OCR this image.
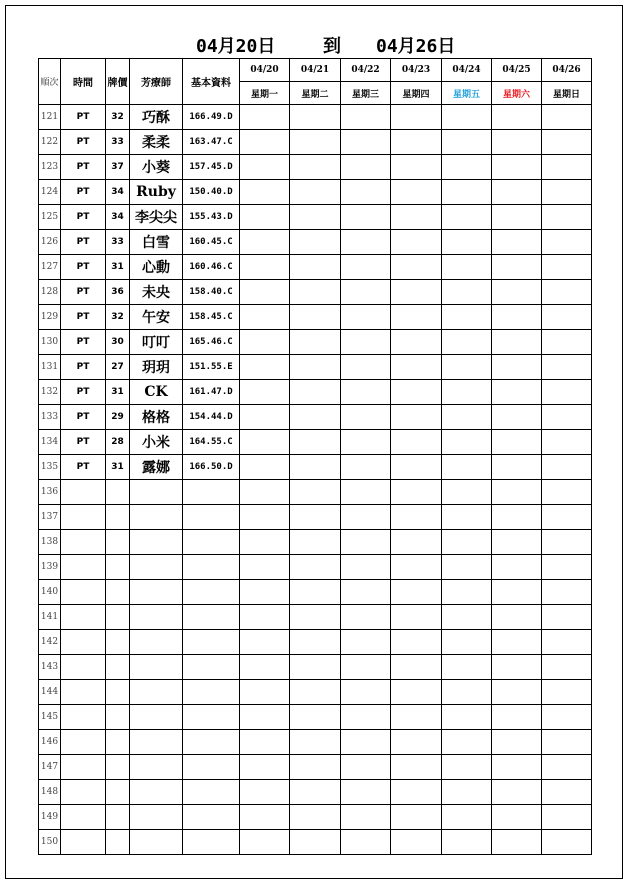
04月20日	到 04月26日
順次	時間	牌價	芳療師	基本資料	04/20	04/21	04/22	04/23	04/24	04/25	04/26
					星期一	星期二	星期三	星期四	星期五	星期六	星期日
121	PT	32	巧酥	166.49.D							
122	PT	33	柔柔	163.47.C							
123	PT	37	小葵	157.45.D							
124	PT	34	Ruby	150.40.D							
125	PT	34	李尖尖	155.43.D							
126	PT	33	白雪	160.45.C							
127	PT	31	心動	160.46.C							
128	PT	36	未央	158.40.C							
129	PT	32	午安	158.45.C							
130	PT	30	叮叮	165.46.C							
131	PT	27	玥玥	151.55.E							
132	PT	31	CK	161.47.D							
133	PT	29	格格	154.44.D							
134	PT	28	小米	164.55.C							
135	PT	31	露娜	166.50.D							
136											
137											
138											
139											
140											
141											
142											
143											
144											
145											
146											
147											
148											
149											
150											
